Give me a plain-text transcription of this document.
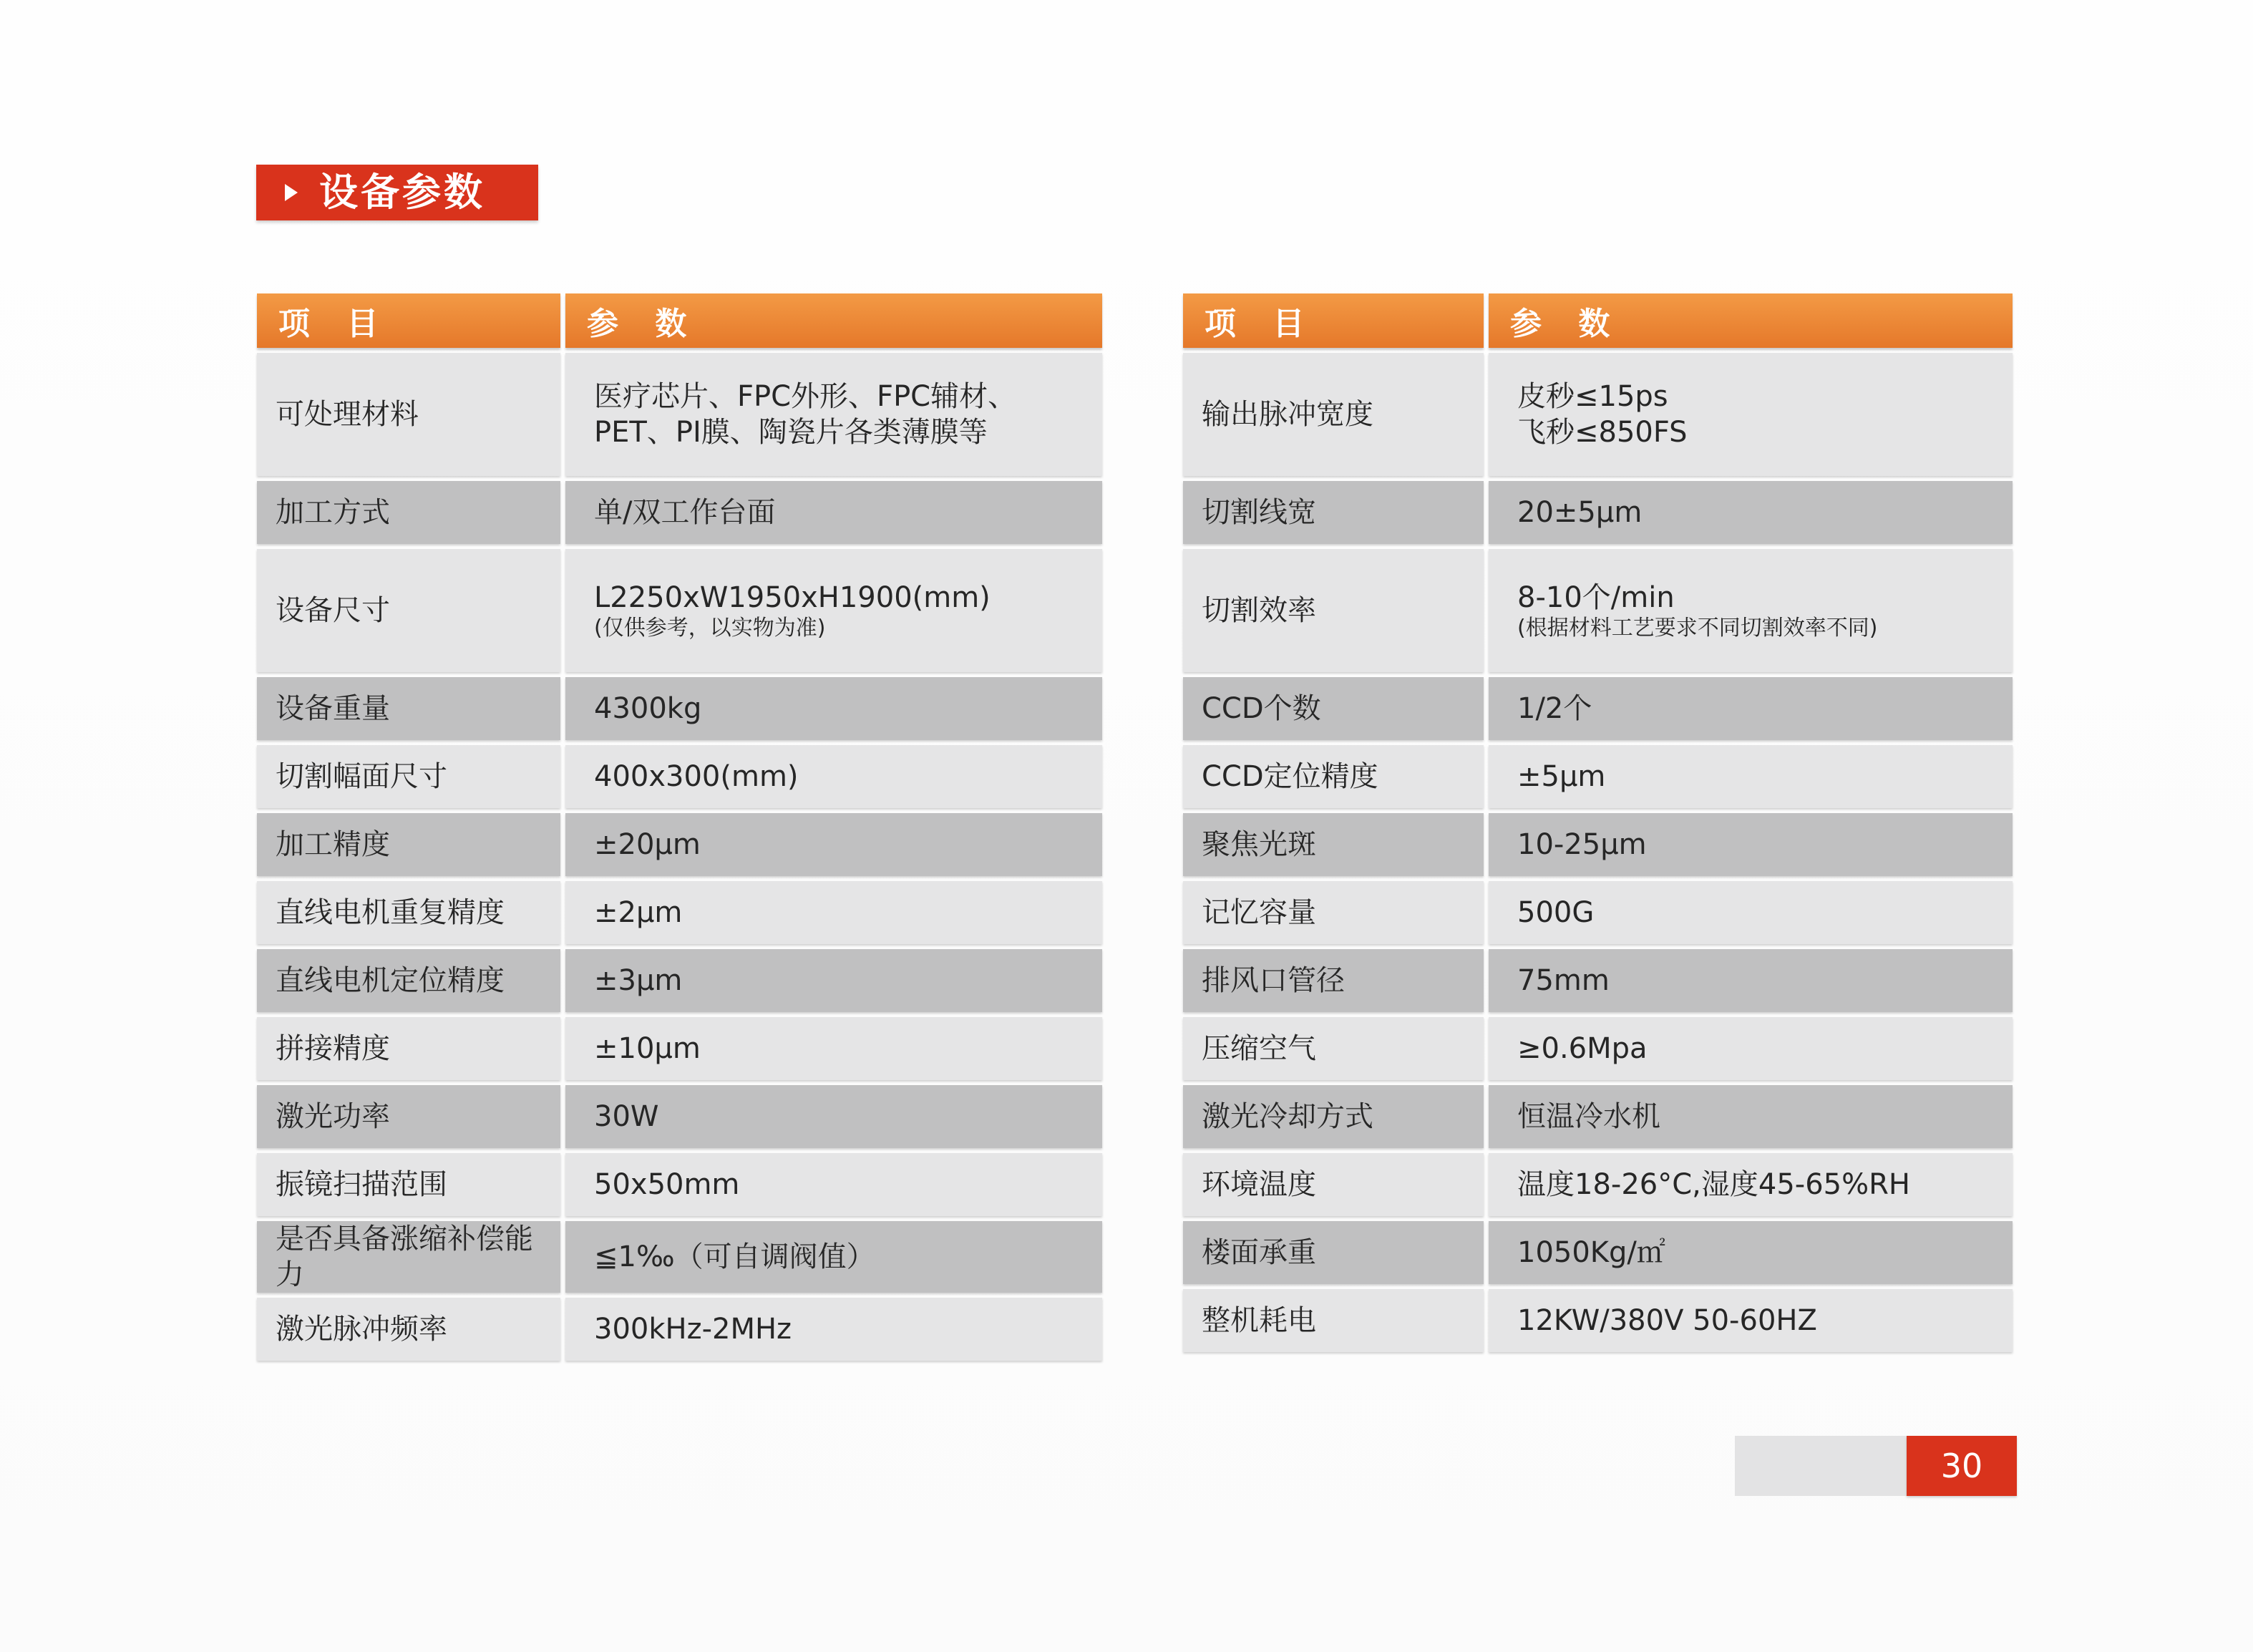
设备参数
项 目	参 数
可处理材料	医疗芯片、FPC外形、FPC辅材、
PET、PI膜、陶瓷片各类薄膜等

加工方式	单/双工作台面

设备尺寸	L2250xW1950xH1900(mm)
(仅供参考，以实物为准)

设备重量	4300kg

切割幅面尺寸	400x300(mm)

加工精度	±20μm

直线电机重复精度	±2μm

直线电机定位精度	±3μm

拼接精度	±10μm

激光功率	30W

振镜扫描范围	50x50mm

是否具备涨缩补偿能力	≦1‰（可自调阀值）

激光脉冲频率	300kHz-2MHz
项 目	参 数
输出脉冲宽度	皮秒≤15ps
飞秒≤850FS

切割线宽	20±5μm

切割效率	8-10个/min
(根据材料工艺要求不同切割效率不同)

CCD个数	1/2个

CCD定位精度	±5μm

聚焦光斑	10-25μm

记忆容量	500G

排风口管径	75mm

压缩空气	≥0.6Mpa

激光冷却方式	恒温冷水机

环境温度	温度18-26°C,湿度45-65%RH

楼面承重	1050Kg/㎡

整机耗电	12KW/380V 50-60HZ
30
